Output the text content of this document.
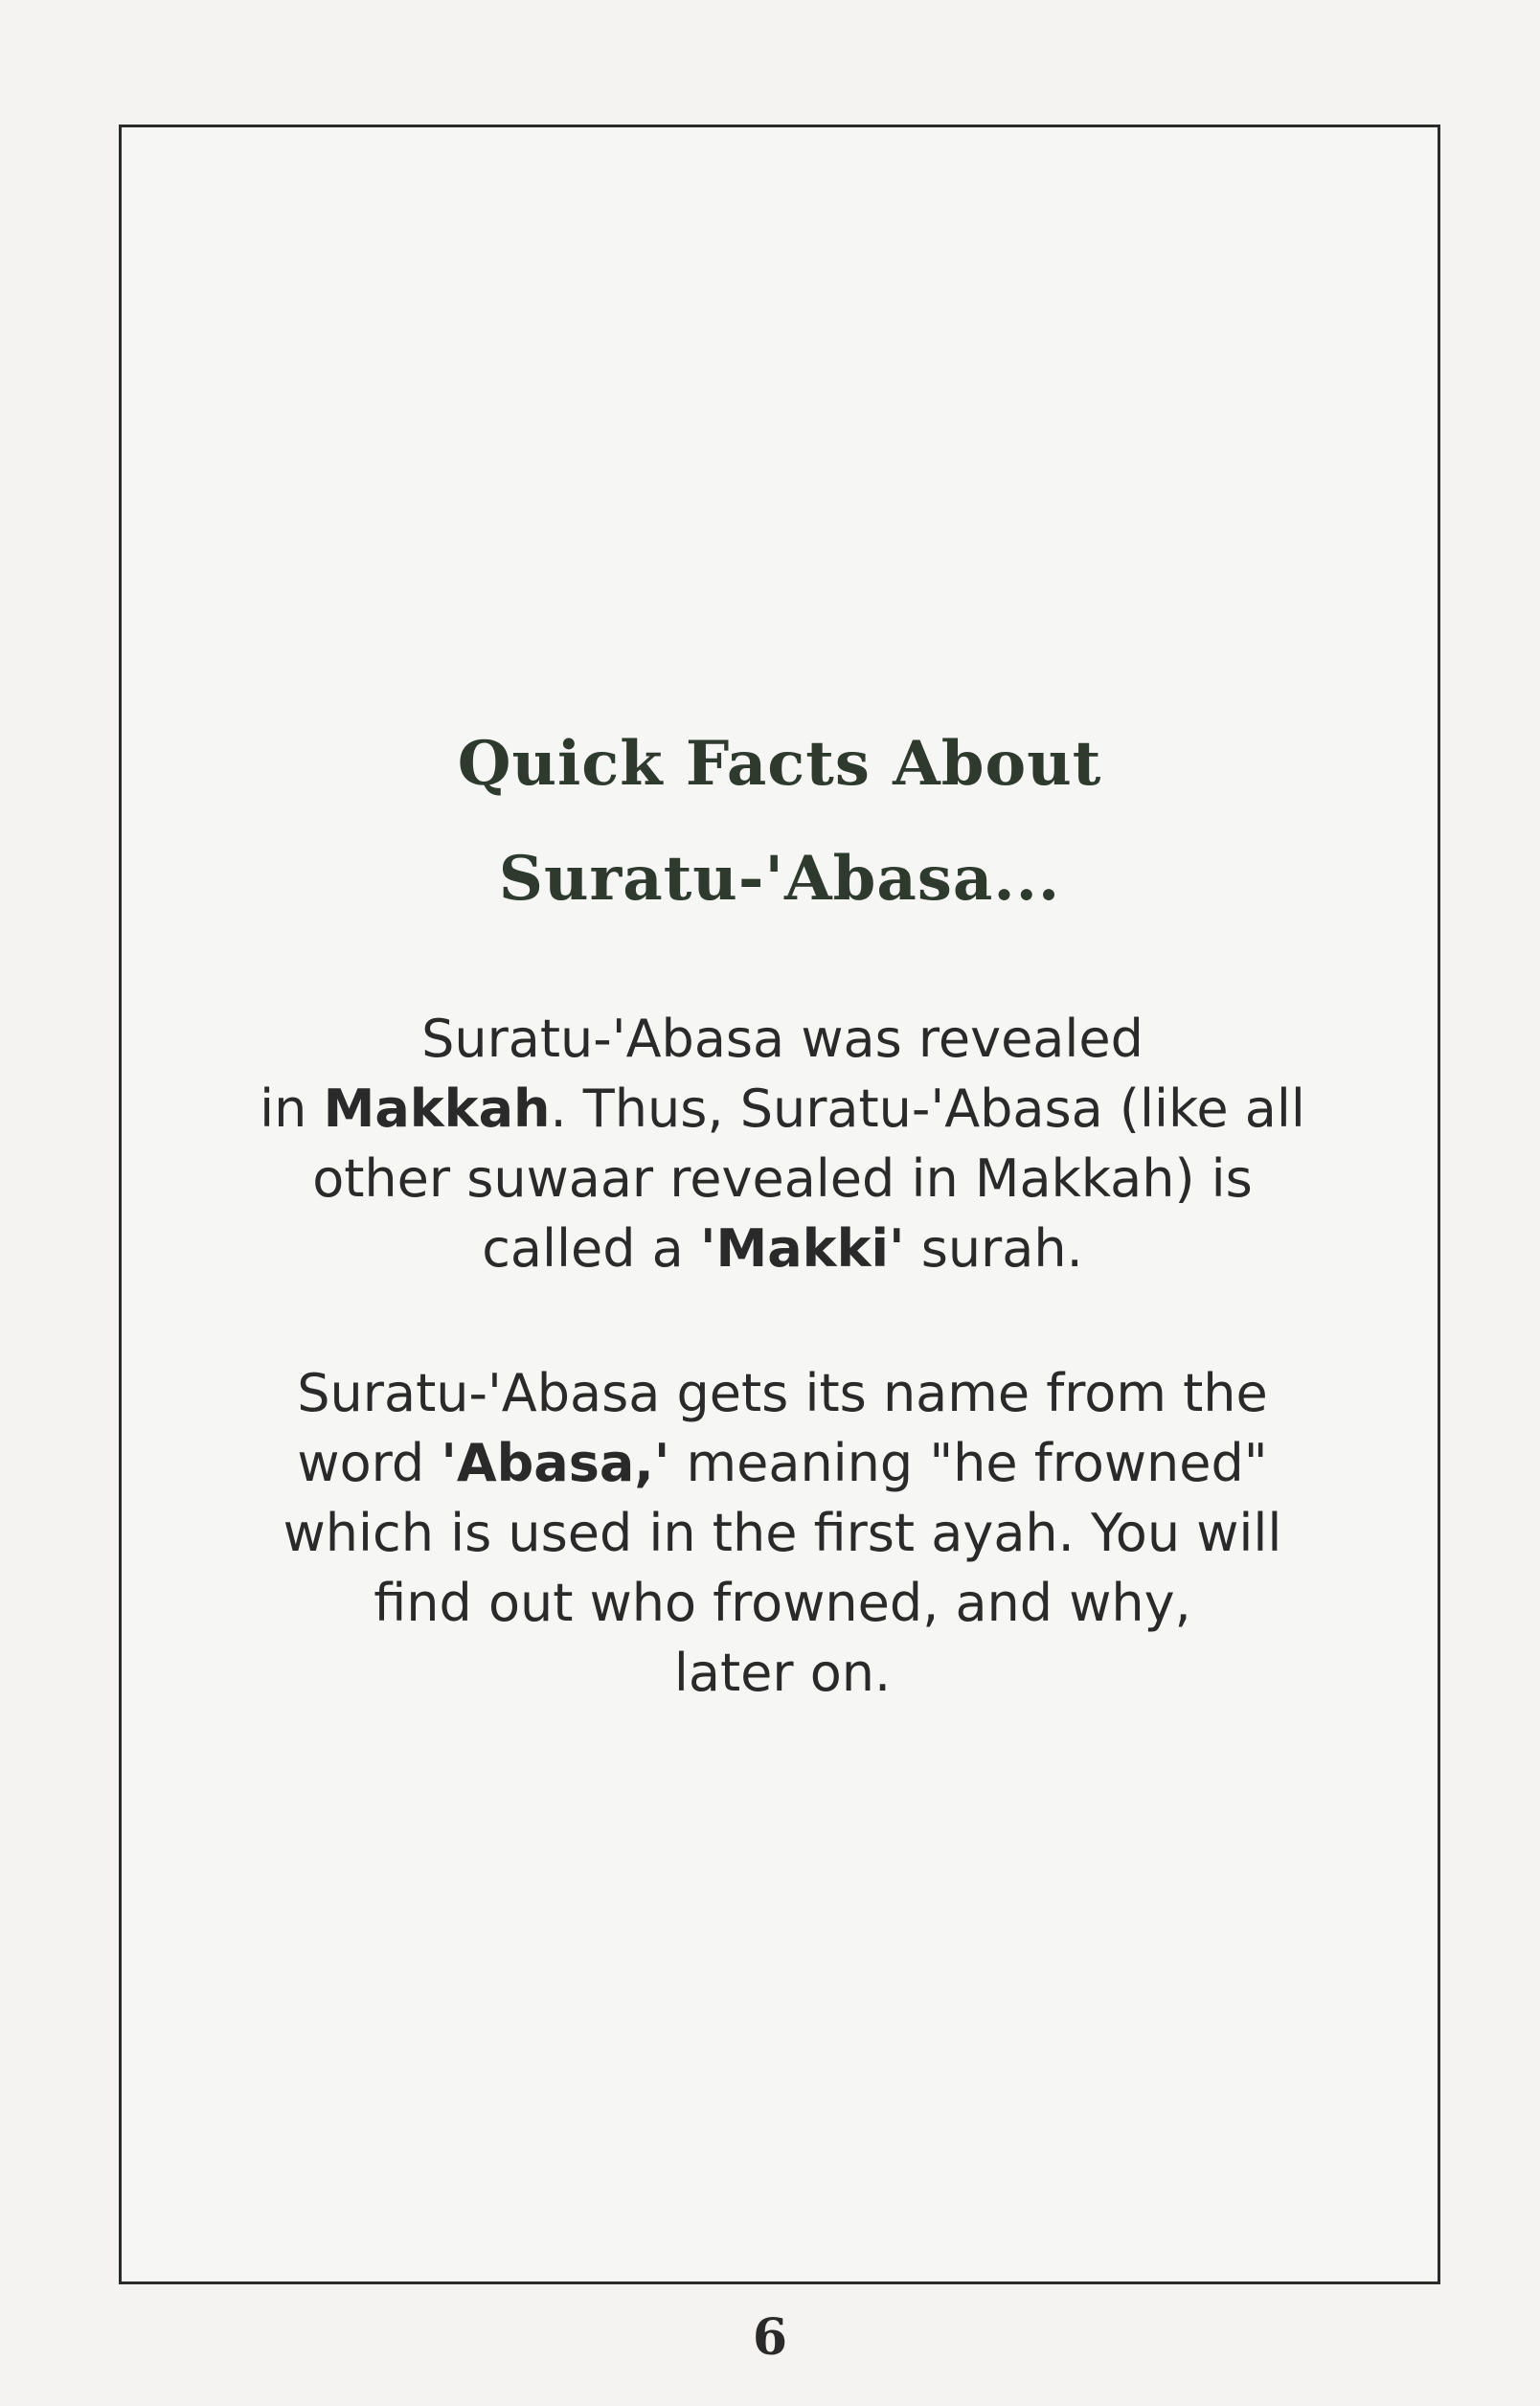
Quick Facts About
Suratu-'Abasa...
Suratu-'Abasa was revealed
in Makkah. Thus, Suratu-'Abasa (like all
other suwaar revealed in Makkah) is
called a 'Makki' surah.
Suratu-'Abasa gets its name from the
word 'Abasa,' meaning "he frowned"
which is used in the first ayah. You will
find out who frowned, and why,
later on.
6
